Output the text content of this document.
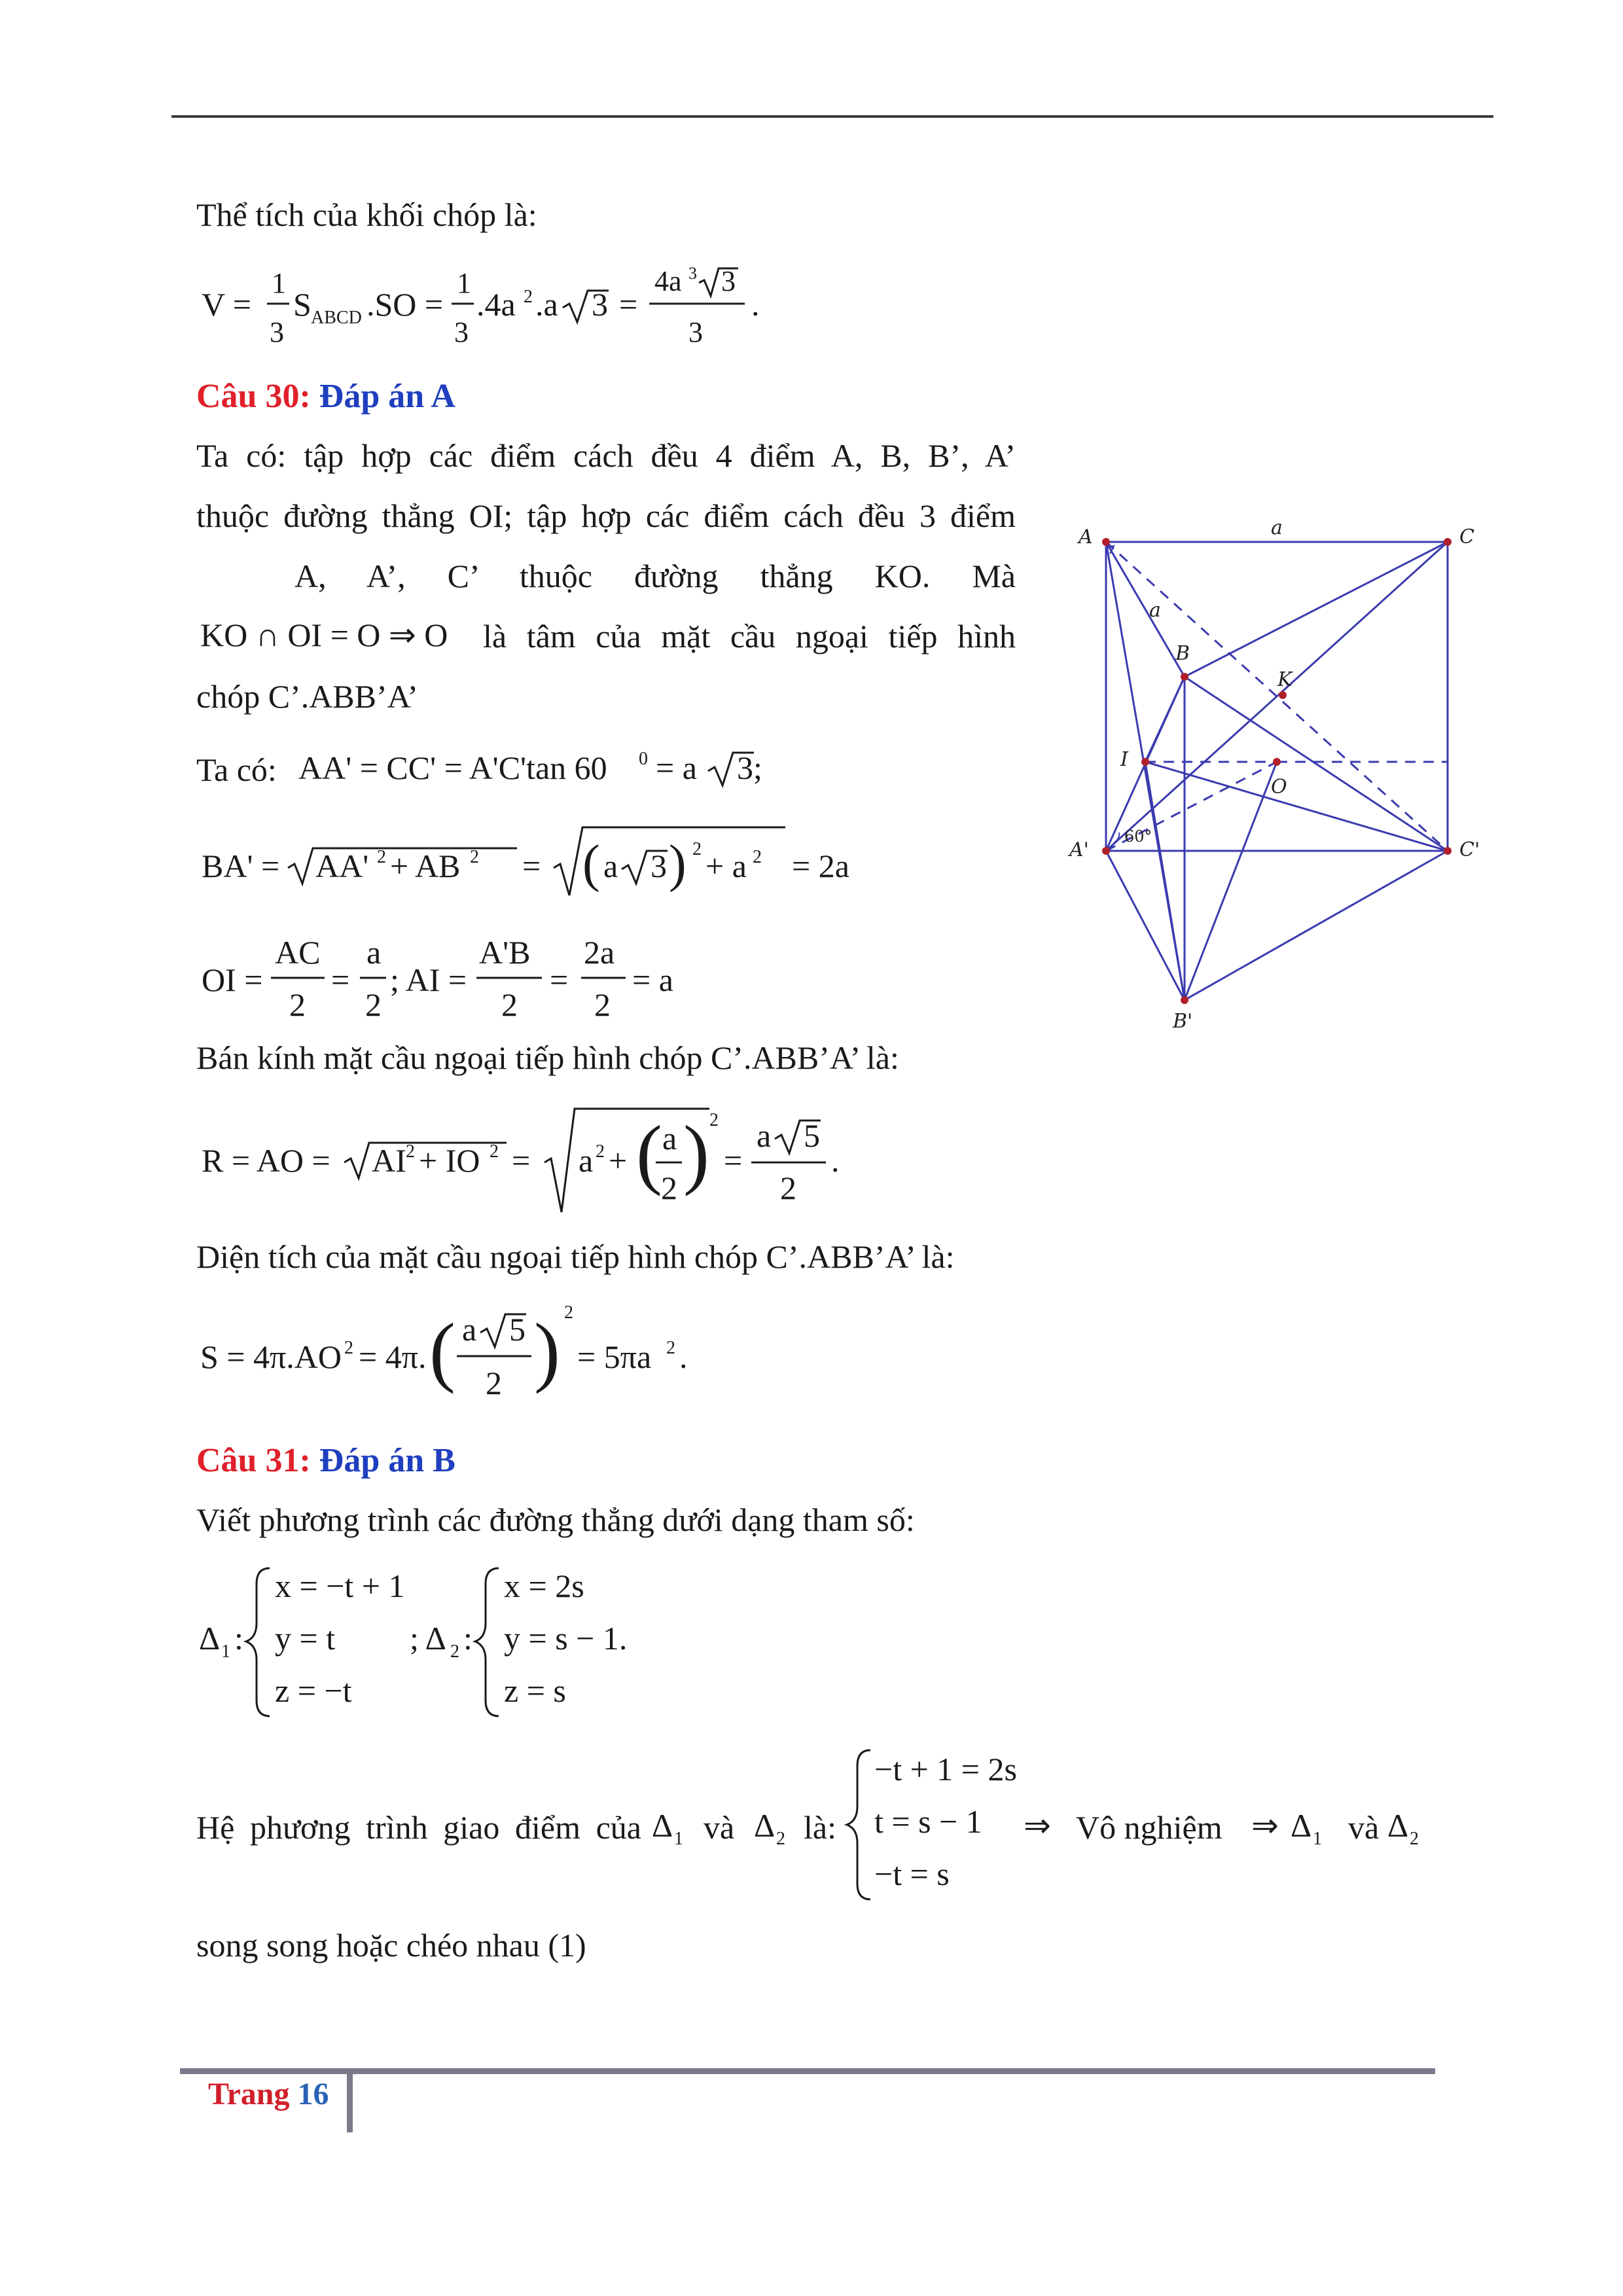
Thể tích của khối chóp là:
V =
1
3
S ABCD .SO =
1
3
.4a 2 .a 3 =
4a 3 3
3
.
Câu 30: Đáp án A
Ta có: tập hợp các điểm cách đều 4 điểm A, B, B’, A’
thuộc đường thẳng OI; tập hợp các điểm cách đều 3 điểm
A, A’, C’ thuộc đường thẳng KO. Mà
KO ∩ OI = O ⇒ O là tâm của mặt cầu ngoại tiếp hình
chóp C’.ABB’A’
Ta có: AA' = CC' = A'C'tan 60 0 = a 3;
BA' = AA' 2 + AB 2 = ( a 3 ) 2 + a 2 = 2a
OI =
AC
2
=
a
2
; AI =
A'B
2
=
2a
2
= a
Bán kính mặt cầu ngoại tiếp hình chóp C’.ABB’A’ là:
R = AO = AI 2 + IO 2 = a 2 + ( a
2 ) 2
=
a 5
2
.
Diện tích của mặt cầu ngoại tiếp hình chóp C’.ABB’A’ là:
S = 4π.AO 2 = 4π. ( a 5
2 ) 2
= 5πa 2 .
Câu 31: Đáp án B
Viết phương trình các đường thẳng dưới dạng tham số:
Δ 1 :
x = −t + 1
y = t
z = −t
; Δ 2 :
x = 2s
y = s − 1.
z = s
Hệ phương trình giao điểm của Δ 1 và Δ 2 là:
−t + 1 = 2s
t = s − 1
−t = s
⇒ Vô nghiệm ⇒ Δ 1 và Δ 2
song song hoặc chéo nhau (1)
A	C
a
a
B
K
I
O
A'	C'
B'
60°
Trang 16
